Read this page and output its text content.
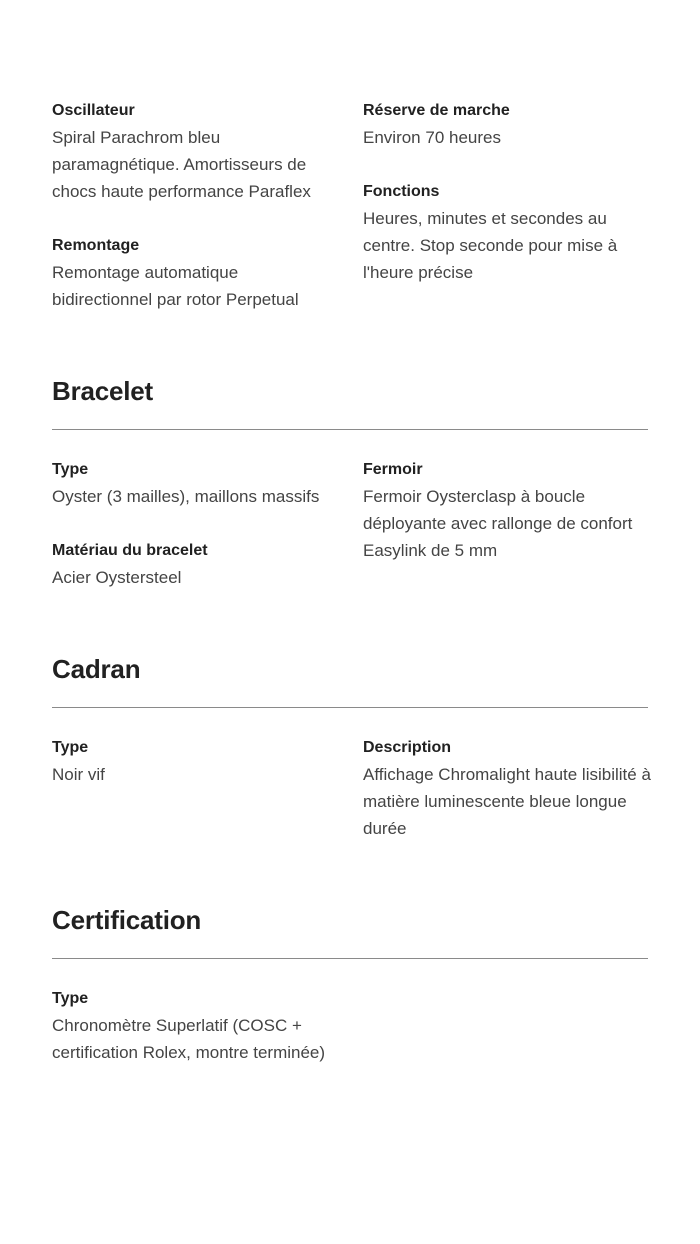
Oscillateur
Spiral Parachrom bleu paramagnétique. Amortisseurs de chocs haute performance Paraflex
Remontage
Remontage automatique bidirectionnel par rotor Perpetual
Réserve de marche
Environ 70 heures
Fonctions
Heures, minutes et secondes au centre. Stop seconde pour mise à l'heure précise
Bracelet
Type
Oyster (3 mailles), maillons massifs
Matériau du bracelet
Acier Oystersteel
Fermoir
Fermoir Oysterclasp à boucle déployante avec rallonge de confort Easylink de 5 mm
Cadran
Type
Noir vif
Description
Affichage Chromalight haute lisibilité à matière luminescente bleue longue durée
Certification
Type
Chronomètre Superlatif (COSC + certification Rolex, montre terminée)
